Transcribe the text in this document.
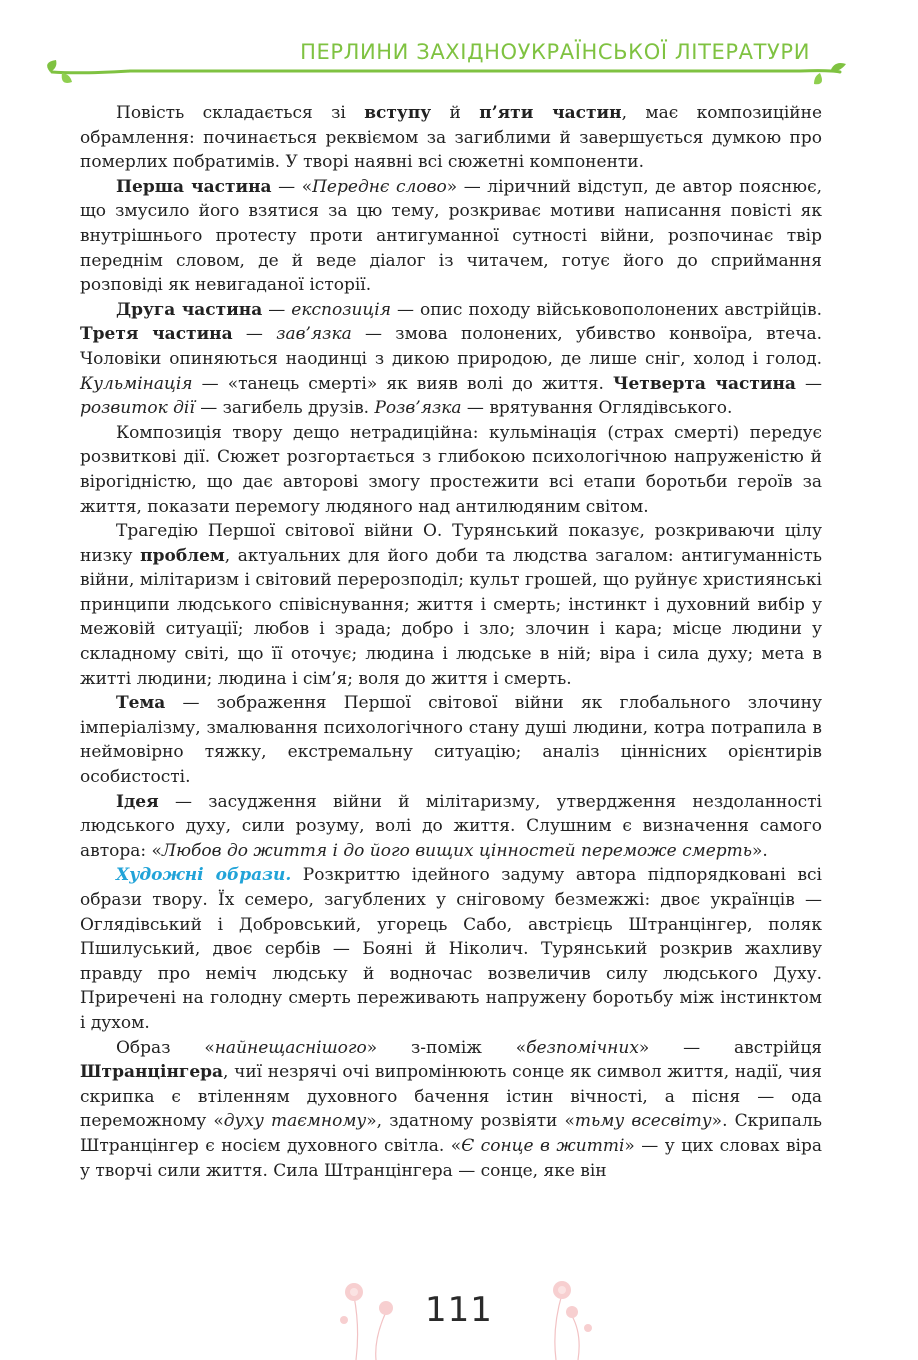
ПЕРЛИНИ ЗАХІДНОУКРАЇНСЬКОЇ ЛІТЕРАТУРИ

Повість складається зі вступу й п’яти частин, має композиційне обрамлення: починається реквіємом за загиблими й завершується думкою про померлих побратимів. У творі наявні всі сюжетні компоненти.

Перша частина — «Переднє слово» — ліричний відступ, де автор пояснює, що змусило його взятися за цю тему, розкриває мотиви написання повісті як внутрішнього протесту проти антигуманної сутності війни, розпочинає твір переднім словом, де й веде діалог із читачем, готує його до сприймання розповіді як невигаданої історії.

Друга частина — експозиція — опис походу військовополонених австрійців. Третя частина — зав’язка — змова полонених, убивство конвоїра, втеча. Чоловіки опиняються наодинці з дикою природою, де лише сніг, холод і голод. Кульмінація — «танець смерті» як вияв волі до життя. Четверта частина — розвиток дії — загибель друзів. Розв’язка — врятування Оглядівського.

Композиція твору дещо нетрадиційна: кульмінація (страх смерті) передує розвиткові дії. Сюжет розгортається з глибокою психологічною напруженістю й вірогідністю, що дає авторові змогу простежити всі етапи боротьби героїв за життя, показати перемогу людяного над антилюдяним світом.

Трагедію Першої світової війни О. Турянський показує, розкриваючи цілу низку проблем, актуальних для його доби та людства загалом: антигуманність війни, мілітаризм і світовий перерозподіл; культ грошей, що руйнує християнські принципи людського співіснування; життя і смерть; інстинкт і духовний вибір у межовій ситуації; любов і зрада; добро і зло; злочин і кара; місце людини у складному світі, що її оточує; людина і людське в ній; віра і сила духу; мета в житті людини; людина і сім’я; воля до життя і смерть.

Тема — зображення Першої світової війни як глобального злочину імперіалізму, змалювання психологічного стану душі людини, котра потрапила в неймовірно тяжку, екстремальну ситуацію; аналіз ціннісних орієнтирів особистості.

Ідея — засудження війни й мілітаризму, утвердження нездоланності людського духу, сили розуму, волі до життя. Слушним є визначення самого автора: «Любов до життя і до його вищих цінностей переможе смерть».

Художні образи. Розкриттю ідейного задуму автора підпорядковані всі образи твору. Їх семеро, загублених у сніговому безмежжі: двоє українців — Оглядівський і Добровський, угорець Сабо, австрієць Штранцінгер, поляк Пшилуський, двоє сербів — Бояні й Ніколич. Турянський розкрив жахливу правду про неміч людську й водночас возвеличив силу людського Духу. Приречені на голодну смерть переживають напружену боротьбу між інстинктом і духом.

Образ «найнещаснішого» з-поміж «безпомічних» — австрійця Штранцінгера, чиї незрячі очі випромінюють сонце як символ життя, надії, чия скрипка є втіленням духовного бачення істин вічності, а пісня — ода переможному «духу таємному», здатному розвіяти «тьму всесвіту». Скрипаль Штранцінгер є носієм духовного світла. «Є сонце в житті» — у цих словах віра у творчі сили життя. Сила Штранцінгера — сонце, яке він

111
